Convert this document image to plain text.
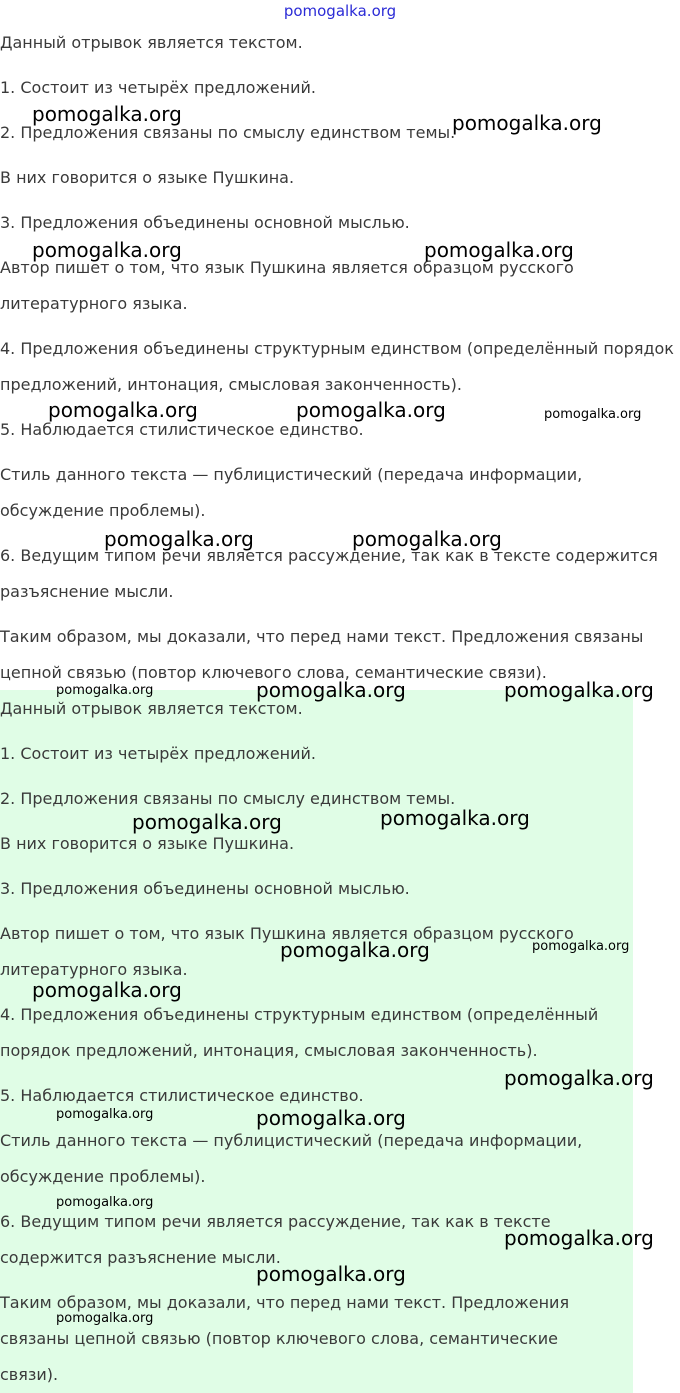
pomogalka.org

Данный отрывок является текстом.

1. Состоит из четырёх предложений.

2. Предложения связаны по смыслу единством темы.

В них говорится о языке Пушкина.

3. Предложения объединены основной мыслью.

Автор пишет о том, что язык Пушкина является образцом русского

литературного языка.

4. Предложения объединены структурным единством (определённый порядок

предложений, интонация, смысловая законченность).

5. Наблюдается стилистическое единство.

Стиль данного текста — публицистический (передача информации,

обсуждение проблемы).

6. Ведущим типом речи является рассуждение, так как в тексте содержится

разъяснение мысли.

Таким образом, мы доказали, что перед нами текст. Предложения связаны

цепной связью (повтор ключевого слова, семантические связи).

Данный отрывок является текстом.

1. Состоит из четырёх предложений.

2. Предложения связаны по смыслу единством темы.

В них говорится о языке Пушкина.

3. Предложения объединены основной мыслью.

Автор пишет о том, что язык Пушкина является образцом русского

литературного языка.

4. Предложения объединены структурным единством (определённый

порядок предложений, интонация, смысловая законченность).

5. Наблюдается стилистическое единство.

Стиль данного текста — публицистический (передача информации,

обсуждение проблемы).

6. Ведущим типом речи является рассуждение, так как в тексте

содержится разъяснение мысли.

Таким образом, мы доказали, что перед нами текст. Предложения

связаны цепной связью (повтор ключевого слова, семантические

связи).

pomogalka.org	pomogalka.org
pomogalka.org	pomogalka.org
pomogalka.org	pomogalka.org	pomogalka.org
pomogalka.org	pomogalka.org
pomogalka.org	pomogalka.org	pomogalka.org
pomogalka.org	pomogalka.org
pomogalka.org	pomogalka.org
pomogalka.org
pomogalka.org
pomogalka.org	pomogalka.org
pomogalka.org
pomogalka.org
pomogalka.org
pomogalka.org
